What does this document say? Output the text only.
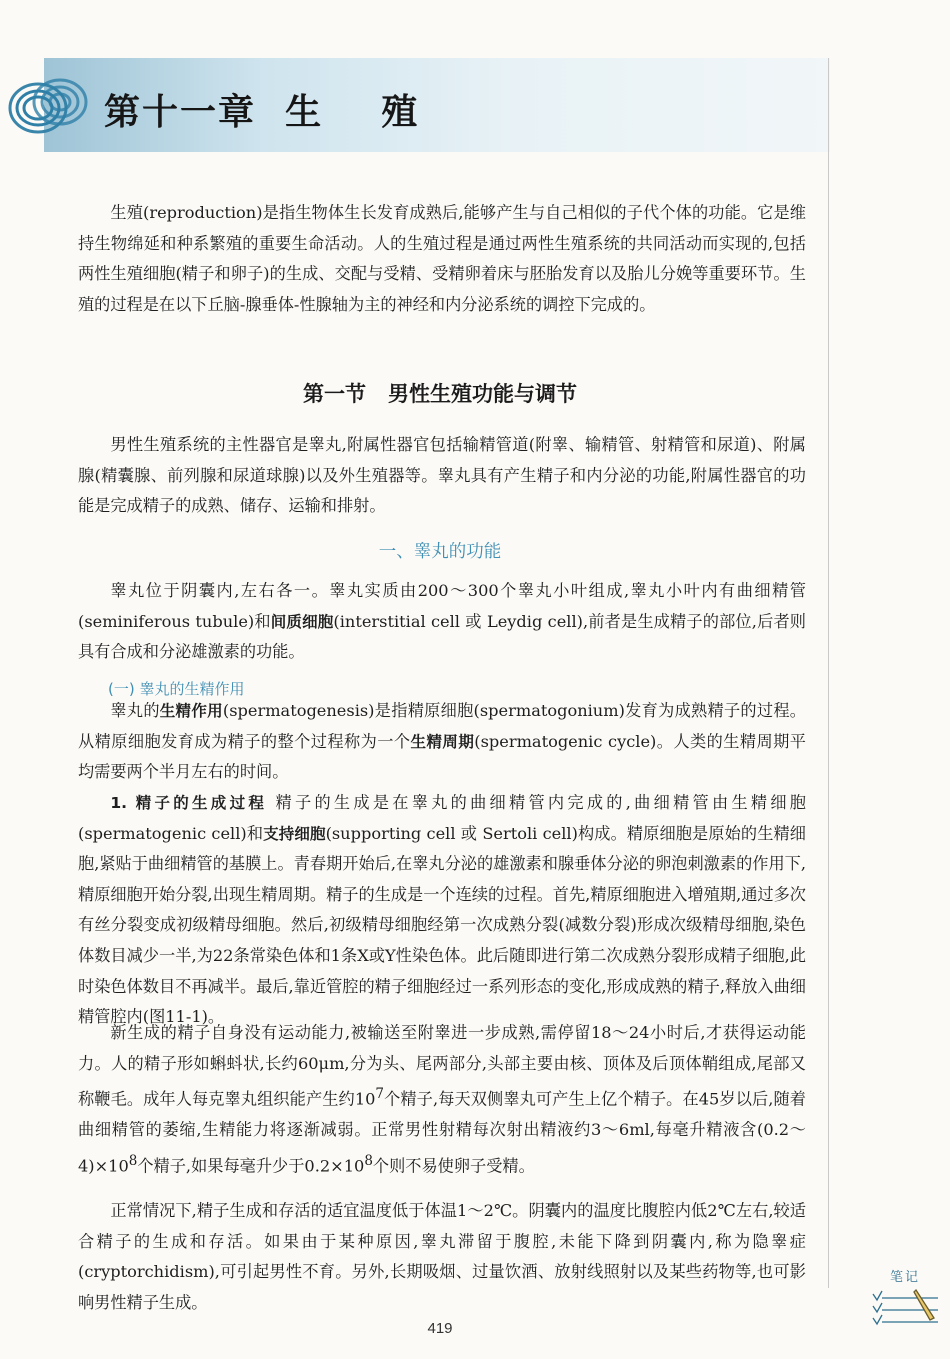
第十一章  生    殖

生殖(reproduction)是指生物体生长发育成熟后,能够产生与自己相似的子代个体的功能。它是维持生物绵延和种系繁殖的重要生命活动。人的生殖过程是通过两性生殖系统的共同活动而实现的,包括两性生殖细胞(精子和卵子)的生成、交配与受精、受精卵着床与胚胎发育以及胎儿分娩等重要环节。生殖的过程是在以下丘脑-腺垂体-性腺轴为主的神经和内分泌系统的调控下完成的。

第一节   男性生殖功能与调节

男性生殖系统的主性器官是睾丸,附属性器官包括输精管道(附睾、输精管、射精管和尿道)、附属腺(精囊腺、前列腺和尿道球腺)以及外生殖器等。睾丸具有产生精子和内分泌的功能,附属性器官的功能是完成精子的成熟、储存、运输和排射。

一、睾丸的功能

睾丸位于阴囊内,左右各一。睾丸实质由200～300个睾丸小叶组成,睾丸小叶内有曲细精管(seminiferous tubule)和间质细胞(interstitial cell 或 Leydig cell),前者是生成精子的部位,后者则具有合成和分泌雄激素的功能。

(一) 睾丸的生精作用

睾丸的生精作用(spermatogenesis)是指精原细胞(spermatogonium)发育为成熟精子的过程。从精原细胞发育成为精子的整个过程称为一个生精周期(spermatogenic cycle)。人类的生精周期平均需要两个半月左右的时间。

1. 精子的生成过程 精子的生成是在睾丸的曲细精管内完成的,曲细精管由生精细胞(spermatogenic cell)和支持细胞(supporting cell 或 Sertoli cell)构成。精原细胞是原始的生精细胞,紧贴于曲细精管的基膜上。青春期开始后,在睾丸分泌的雄激素和腺垂体分泌的卵泡刺激素的作用下,精原细胞开始分裂,出现生精周期。精子的生成是一个连续的过程。首先,精原细胞进入增殖期,通过多次有丝分裂变成初级精母细胞。然后,初级精母细胞经第一次成熟分裂(减数分裂)形成次级精母细胞,染色体数目减少一半,为22条常染色体和1条X或Y性染色体。此后随即进行第二次成熟分裂形成精子细胞,此时染色体数目不再减半。最后,靠近管腔的精子细胞经过一系列形态的变化,形成成熟的精子,释放入曲细精管腔内(图11-1)。

新生成的精子自身没有运动能力,被输送至附睾进一步成熟,需停留18～24小时后,才获得运动能力。人的精子形如蝌蚪状,长约60μm,分为头、尾两部分,头部主要由核、顶体及后顶体鞘组成,尾部又称鞭毛。成年人每克睾丸组织能产生约$10^7$个精子,每天双侧睾丸可产生上亿个精子。在45岁以后,随着曲细精管的萎缩,生精能力将逐渐减弱。正常男性射精每次射出精液约3～6ml,每毫升精液含$(0.2\sim 4)\times 10^8$个精子,如果每毫升少于$0.2\times 10^8$个则不易使卵子受精。

正常情况下,精子生成和存活的适宜温度低于体温1～2℃。阴囊内的温度比腹腔内低2℃左右,较适合精子的生成和存活。如果由于某种原因,睾丸滞留于腹腔,未能下降到阴囊内,称为隐睾症(cryptorchidism),可引起男性不育。另外,长期吸烟、过量饮酒、放射线照射以及某些药物等,也可影响男性精子生成。

419
笔记
